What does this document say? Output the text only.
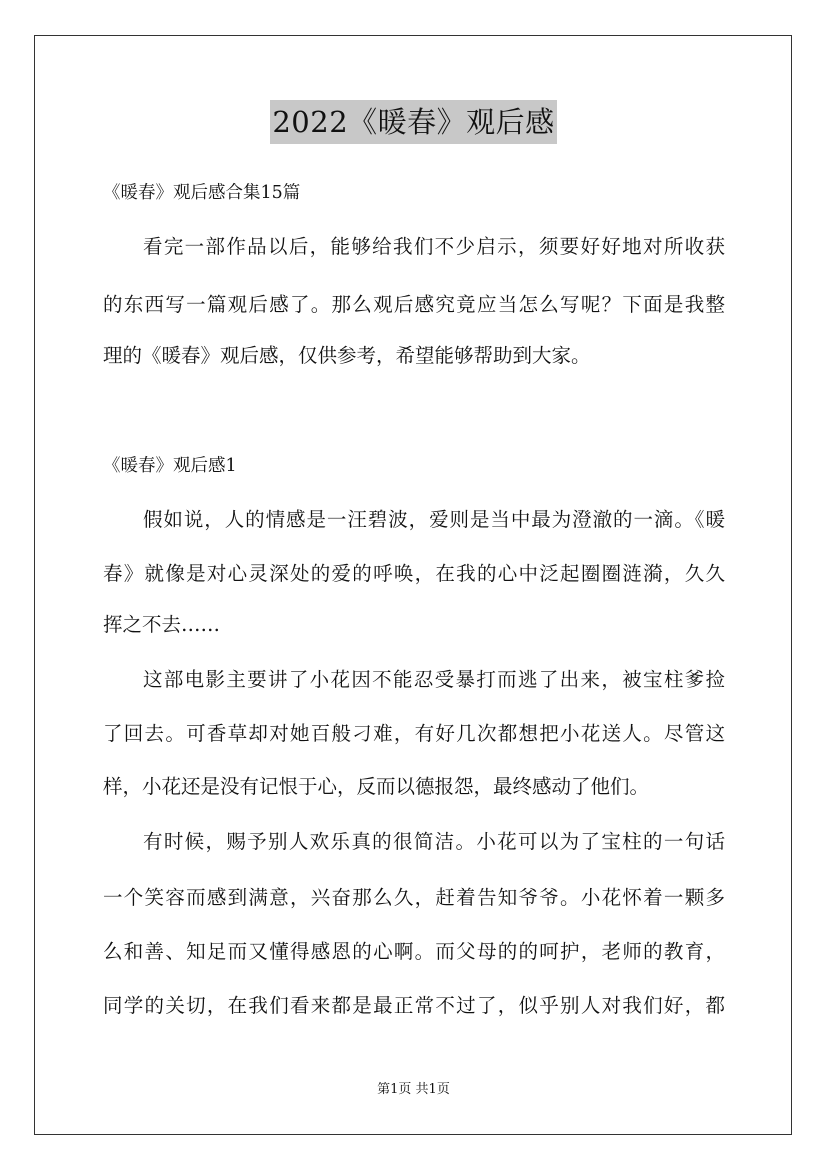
2022《暖春》观后感
《暖春》观后感合集15篇
看完一部作品以后，能够给我们不少启示，须要好好地对所收获
的东西写一篇观后感了。那么观后感究竟应当怎么写呢？下面是我整
理的《暖春》观后感，仅供参考，希望能够帮助到大家。
《暖春》观后感1
假如说，人的情感是一汪碧波，爱则是当中最为澄澈的一滴。《暖
春》就像是对心灵深处的爱的呼唤，在我的心中泛起圈圈涟漪，久久
挥之不去……
这部电影主要讲了小花因不能忍受暴打而逃了出来，被宝柱爹捡
了回去。可香草却对她百般刁难，有好几次都想把小花送人。尽管这
样，小花还是没有记恨于心，反而以德报怨，最终感动了他们。
有时候，赐予别人欢乐真的很简洁。小花可以为了宝柱的一句话
一个笑容而感到满意，兴奋那么久，赶着告知爷爷。小花怀着一颗多
么和善、知足而又懂得感恩的心啊。而父母的的呵护，老师的教育，
同学的关切，在我们看来都是最正常不过了，似乎别人对我们好，都
第1页 共1页
